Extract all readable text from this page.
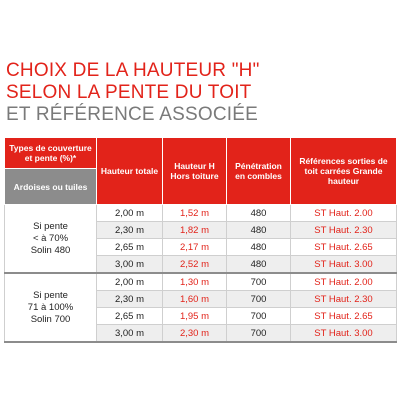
CHOIX DE LA HAUTEUR "H"
SELON LA PENTE DU TOIT
ET RÉFÉRENCE ASSOCIÉE
Types de couverture et pente (%)*	Hauteur totale	Hauteur H Hors toiture	Pénétration en combles	Références sorties de toit carrées Grande hauteur
Ardoises ou tuiles				
Si pente
< à 70%
Solin 480	2,00 m	1,52 m	480	ST Haut. 2.00
	2,30 m	1,82 m	480	ST Haut. 2.30
	2,65 m	2,17 m	480	ST Haut. 2.65
	3,00 m	2,52 m	480	ST Haut. 3.00
Si pente
71 à 100%
Solin 700	2,00 m	1,30 m	700	ST Haut. 2.00
	2,30 m	1,60 m	700	ST Haut. 2.30
	2,65 m	1,95 m	700	ST Haut. 2.65
	3,00 m	2,30 m	700	ST Haut. 3.00
